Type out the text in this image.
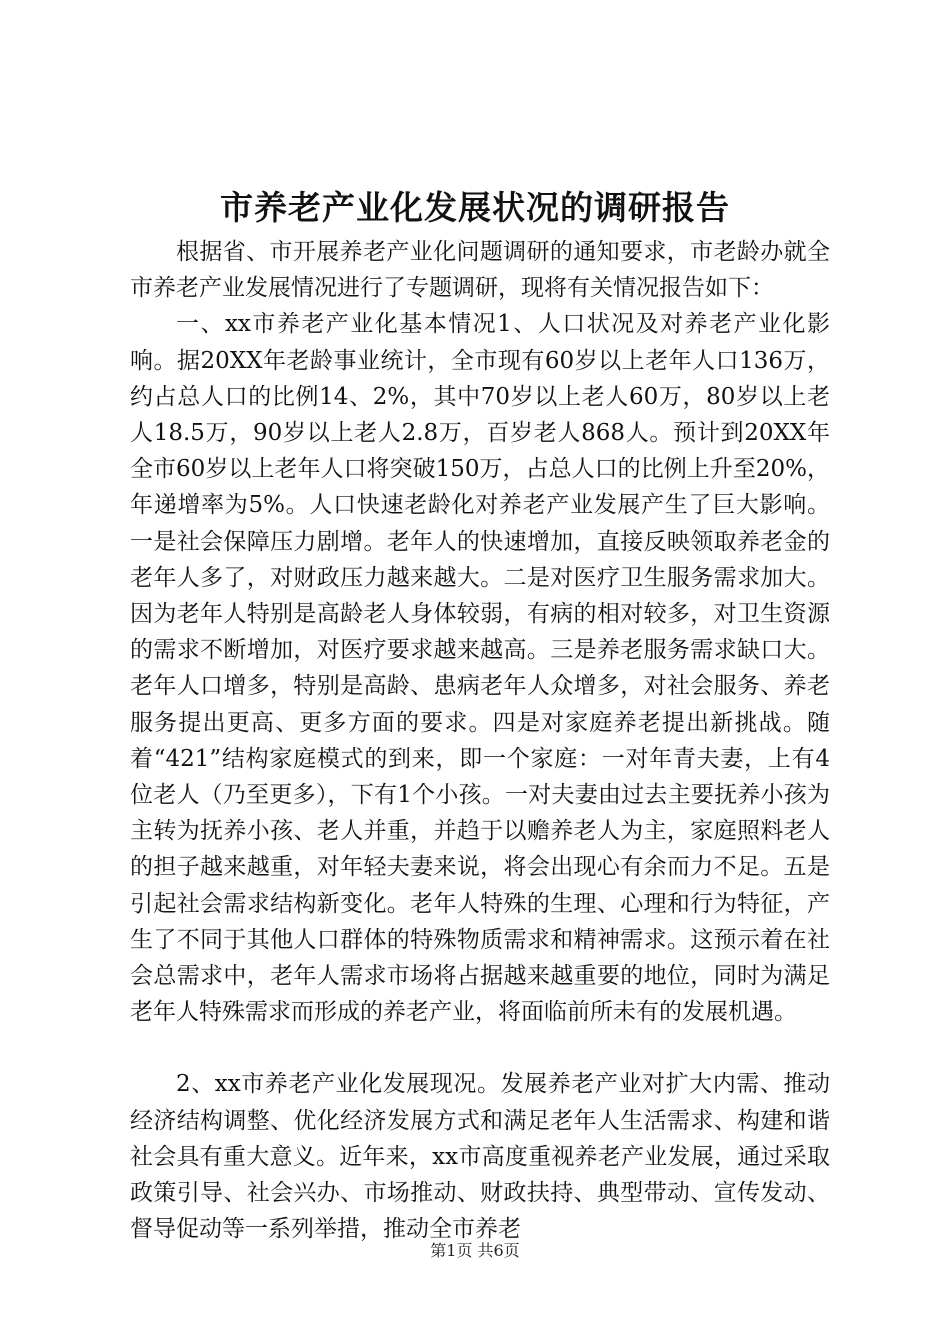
市养老产业化发展状况的调研报告

根据省、市开展养老产业化问题调研的通知要求，市老龄办就全市养老产业发展情况进行了专题调研，现将有关情况报告如下：

一、xx市养老产业化基本情况1、人口状况及对养老产业化影响。据20XX年老龄事业统计，全市现有60岁以上老年人口136万，约占总人口的比例14、2%，其中70岁以上老人60万，80岁以上老人18.5万，90岁以上老人2.8万，百岁老人868人。预计到20XX年全市60岁以上老年人口将突破150万，占总人口的比例上升至20%，年递增率为5%。人口快速老龄化对养老产业发展产生了巨大影响。一是社会保障压力剧增。老年人的快速增加，直接反映领取养老金的老年人多了，对财政压力越来越大。二是对医疗卫生服务需求加大。因为老年人特别是高龄老人身体较弱，有病的相对较多，对卫生资源的需求不断增加，对医疗要求越来越高。三是养老服务需求缺口大。老年人口增多，特别是高龄、患病老年人众增多，对社会服务、养老服务提出更高、更多方面的要求。四是对家庭养老提出新挑战。随着“421”结构家庭模式的到来，即一个家庭：一对年青夫妻，上有4位老人（乃至更多），下有1个小孩。一对夫妻由过去主要抚养小孩为主转为抚养小孩、老人并重，并趋于以赡养老人为主，家庭照料老人的担子越来越重，对年轻夫妻来说，将会出现心有余而力不足。五是引起社会需求结构新变化。老年人特殊的生理、心理和行为特征，产生了不同于其他人口群体的特殊物质需求和精神需求。这预示着在社会总需求中，老年人需求市场将占据越来越重要的地位，同时为满足老年人特殊需求而形成的养老产业，将面临前所未有的发展机遇。

2、xx市养老产业化发展现况。发展养老产业对扩大内需、推动经济结构调整、优化经济发展方式和满足老年人生活需求、构建和谐社会具有重大意义。近年来，xx市高度重视养老产业发展，通过采取政策引导、社会兴办、市场推动、财政扶持、典型带动、宣传发动、督导促动等一系列举措，推动全市养老

第1页 共6页
